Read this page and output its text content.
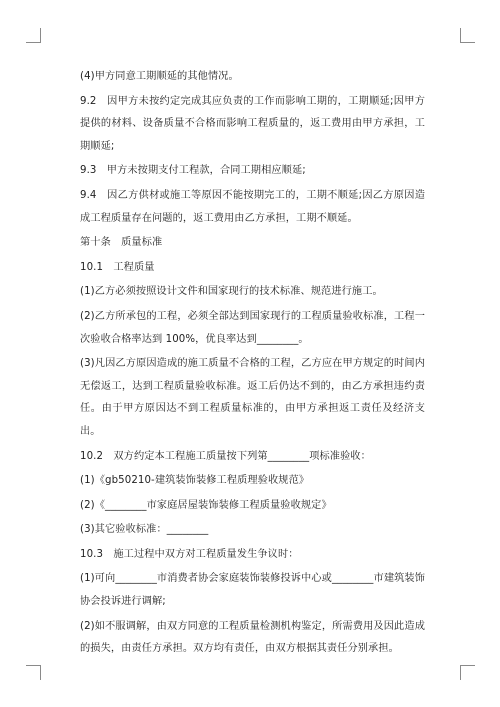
(4)甲方同意工期顺延的其他情况。

9.2　因甲方未按约定完成其应负责的工作而影响工期的，工期顺延;因甲方提供的材料、设备质量不合格而影响工程质量的，返工费用由甲方承担，工期顺延;

9.3　甲方未按期支付工程款，合同工期相应顺延;

9.4　因乙方供材或施工等原因不能按期完工的，工期不顺延;因乙方原因造成工程质量存在问题的，返工费用由乙方承担，工期不顺延。

第十条　质量标准

10.1　工程质量

(1)乙方必须按照设计文件和国家现行的技术标准、规范进行施工。

(2)乙方所承包的工程，必须全部达到国家现行的工程质量验收标准，工程一次验收合格率达到 100%，优良率达到________。

(3)凡因乙方原因造成的施工质量不合格的工程，乙方应在甲方规定的时间内无偿返工，达到工程质量验收标准。返工后仍达不到的，由乙方承担违约责任。由于甲方原因达不到工程质量标准的，由甲方承担返工责任及经济支出。

10.2　双方约定本工程施工质量按下列第________项标准验收：

(1)《gb50210-建筑装饰装修工程质理验收规范》

(2)《________市家庭居屋装饰装修工程质量验收规定》

(3)其它验收标准：________

10.3　施工过程中双方对工程质量发生争议时：

(1)可向________市消费者协会家庭装饰装修投诉中心或________市建筑装饰协会投诉进行调解;

(2)如不服调解，由双方同意的工程质量检测机构鉴定，所需费用及因此造成的损失，由责任方承担。双方均有责任，由双方根据其责任分别承担。
